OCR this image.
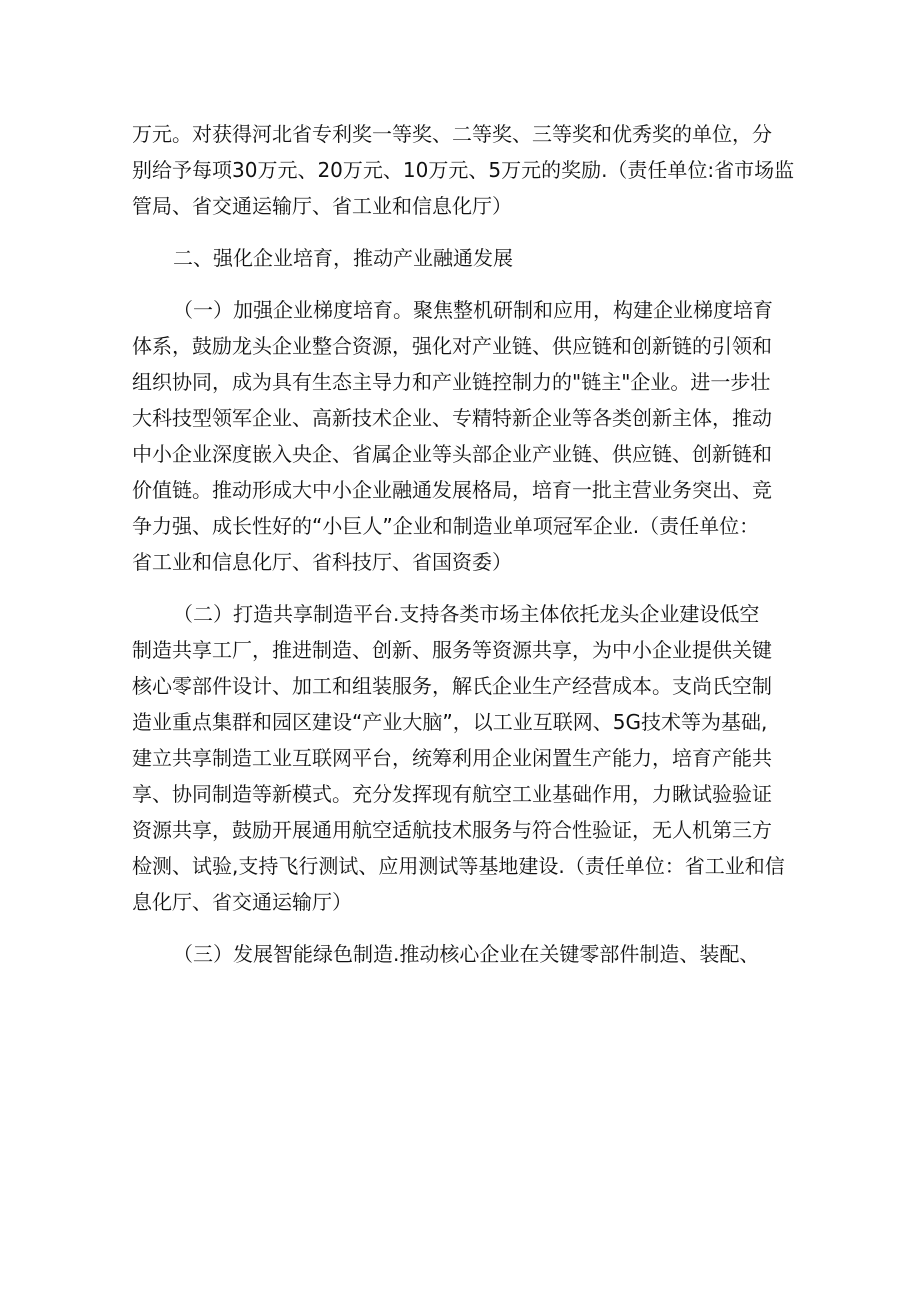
万元。对获得河北省专利奖一等奖、二等奖、三等奖和优秀奖的单位，分
别给予每项30万元、20万元、10万元、5万元的奖励.（责任单位:省市场监
管局、省交通运输厅、省工业和信息化厅）
二、强化企业培育，推动产业融通发展
（一）加强企业梯度培育。聚焦整机研制和应用，构建企业梯度培育
体系，鼓励龙头企业整合资源，强化对产业链、供应链和创新链的引领和
组织协同，成为具有生态主导力和产业链控制力的"链主"企业。进一步壮
大科技型领军企业、高新技术企业、专精特新企业等各类创新主体，推动
中小企业深度嵌入央企、省属企业等头部企业产业链、供应链、创新链和
价值链。推动形成大中小企业融通发展格局，培育一批主营业务突出、竞
争力强、成长性好的“小巨人”企业和制造业单项冠军企业.（责任单位：
省工业和信息化厅、省科技厅、省国资委）
（二）打造共享制造平台.支持各类市场主体依托龙头企业建设低空
制造共享工厂，推进制造、创新、服务等资源共享，为中小企业提供关键
核心零部件设计、加工和组装服务，解氏企业生产经营成本。支尚氏空制
造业重点集群和园区建设“产业大脑”，以工业互联网、5G技术等为基础,
建立共享制造工业互联网平台，统筹利用企业闲置生产能力，培育产能共
享、协同制造等新模式。充分发挥现有航空工业基础作用，力瞅试验验证
资源共享，鼓励开展通用航空适航技术服务与符合性验证，无人机第三方
检测、试验,支持飞行测试、应用测试等基地建设.（责任单位：省工业和信
息化厅、省交通运输厅）
（三）发展智能绿色制造.推动核心企业在关键零部件制造、装配、
